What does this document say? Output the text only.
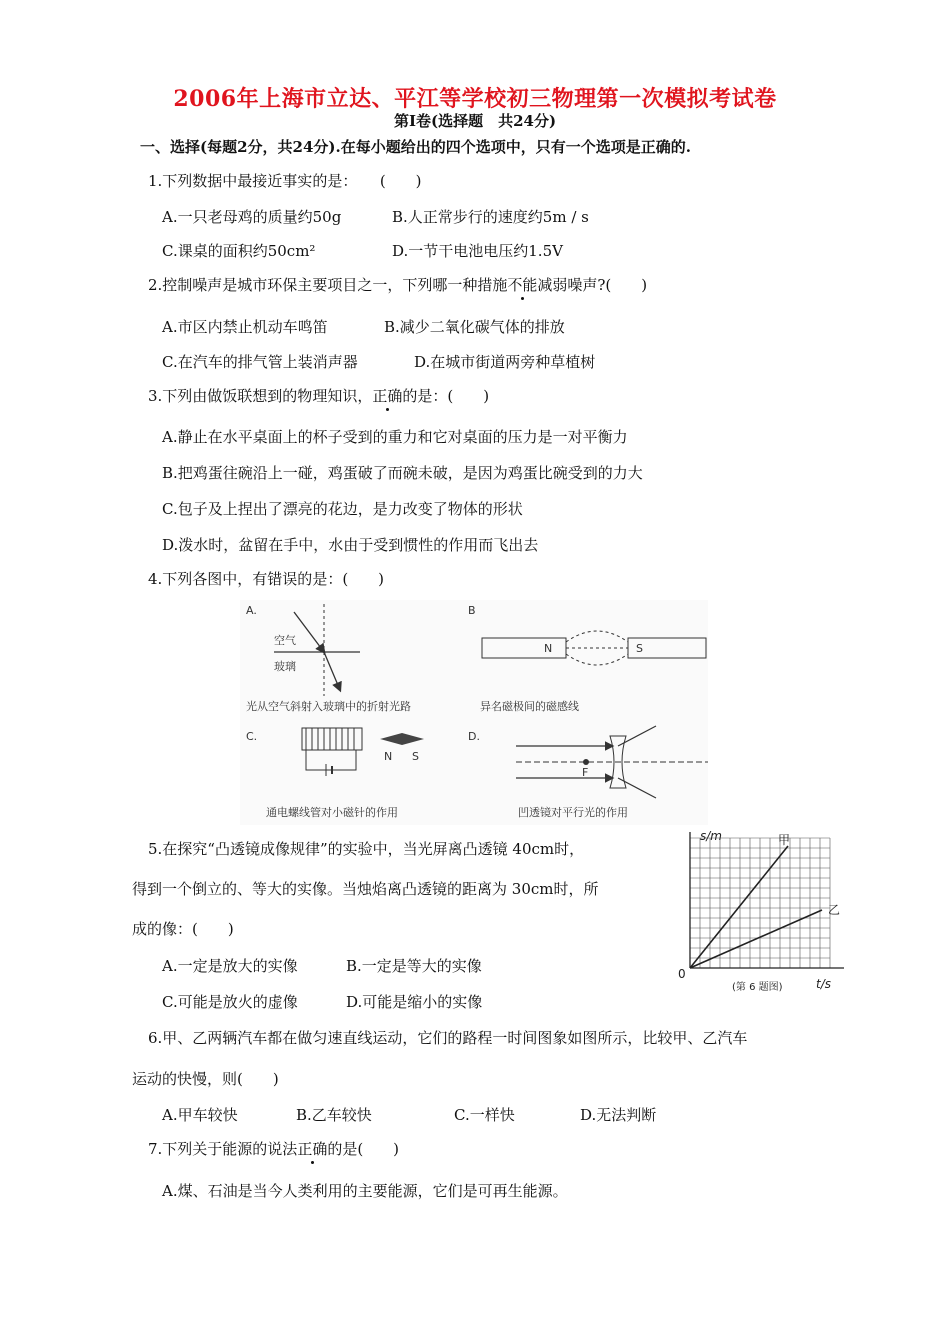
2006年上海市立达、平江等学校初三物理第一次模拟考试卷
第Ⅰ卷(选择题　共24分)
一、选择(每题2分，共24分).在每小题给出的四个选项中，只有一个选项是正确的.
1.下列数据中最接近事实的是：　　(　　)
A.一只老母鸡的质量约50g	B.人正常步行的速度约5m / s
C.课桌的面积约50cm²	D.一节干电池电压约1.5V
2.控制噪声是城市环保主要项目之一，下列哪一种措施不能减弱噪声?(　　)
A.市区内禁止机动车鸣笛	B.减少二氧化碳气体的排放
C.在汽车的排气管上装消声器	D.在城市街道两旁种草植树
3.下列由做饭联想到的物理知识，正确的是：(　　)
A.静止在水平桌面上的杯子受到的重力和它对桌面的压力是一对平衡力
B.把鸡蛋往碗沿上一碰，鸡蛋破了而碗未破，是因为鸡蛋比碗受到的力大
C.包子及上捏出了漂亮的花边，是力改变了物体的形状
D.泼水时，盆留在手中，水由于受到惯性的作用而飞出去
4.下列各图中，有错误的是：(　　)
A.
空气
玻璃
光从空气斜射入玻璃中的折射光路
B
N	S
异名磁极间的磁感线
C.
N S
通电螺线管对小磁针的作用
D.
F
凹透镜对平行光的作用
5.在探究“凸透镜成像规律”的实验中，当光屏离凸透镜 40cm时，
得到一个倒立的、等大的实像。当烛焰离凸透镜的距离为 30cm时，所
成的像：(　　)
A.一定是放大的实像	B.一定是等大的实像
C.可能是放火的虚像	D.可能是缩小的实像
s/m
t/s
0
甲
乙
(第 6 题图)
6.甲、乙两辆汽车都在做匀速直线运动，它们的路程一时间图象如图所示，比较甲、乙汽车
运动的快慢，则(　　)
A.甲车较快	B.乙车较快	C.一样快	D.无法判断
7.下列关于能源的说法正确的是(　　)
A.煤、石油是当今人类利用的主要能源，它们是可再生能源。
